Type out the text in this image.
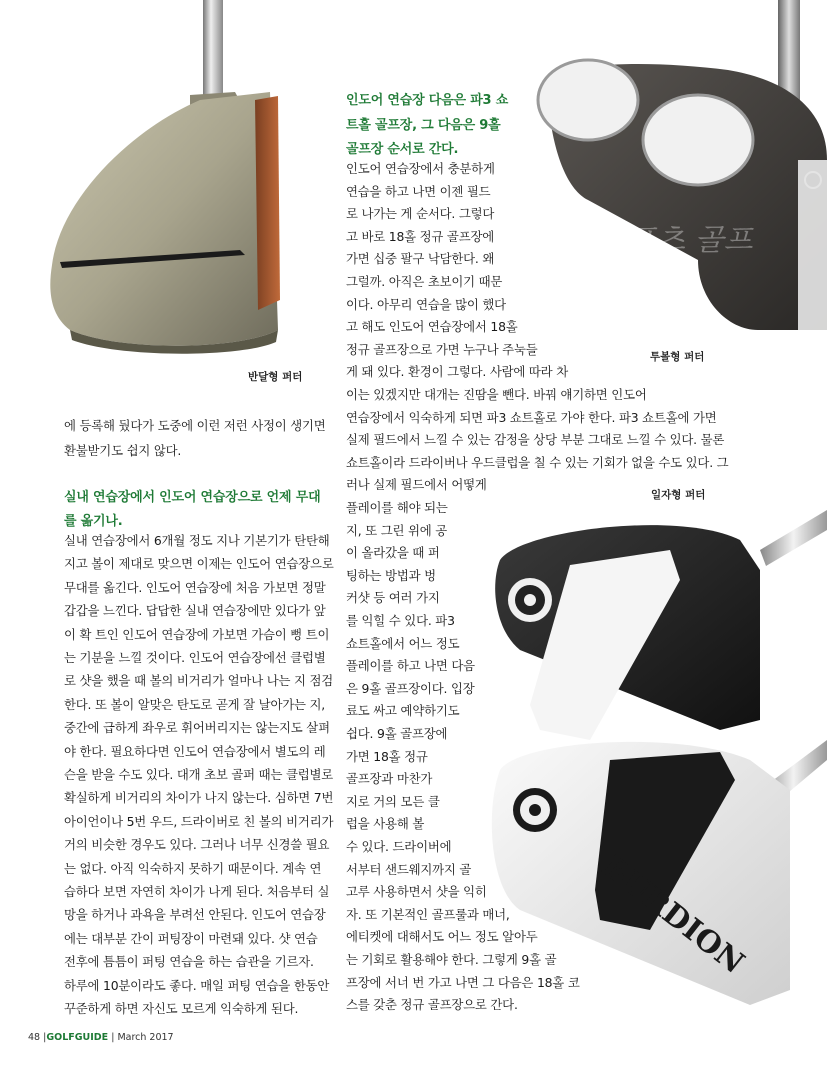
반달형 퍼터
스포츠 골프
투볼형 퍼터
일자형 퍼터
BURDION
에 등록해 뒀다가 도중에 이런 저런 사정이 생기면
환불받기도 쉽지 않다.
실내 연습장에서 인도어 연습장으로 언제 무대
를 옮기나.
실내 연습장에서 6개월 정도 지나 기본기가 탄탄해
지고 볼이 제대로 맞으면 이제는 인도어 연습장으로
무대를 옮긴다. 인도어 연습장에 처음 가보면 정말
갑갑을 느낀다. 답답한 실내 연습장에만 있다가 앞
이 확 트인 인도어 연습장에 가보면 가슴이 뻥 트이
는 기분을 느낄 것이다. 인도어 연습장에선 클럽별
로 샷을 했을 때 볼의 비거리가 얼마나 나는 지 점검
한다. 또 볼이 알맞은 탄도로 곧게 잘 날아가는 지,
중간에 급하게 좌우로 휘어버리지는 않는지도 살펴
야 한다. 필요하다면 인도어 연습장에서 별도의 레
슨을 받을 수도 있다. 대개 초보 골퍼 때는 클럽별로
확실하게 비거리의 차이가 나지 않는다. 심하면 7번
아이언이나 5번 우드, 드라이버로 친 볼의 비거리가
거의 비슷한 경우도 있다. 그러나 너무 신경쓸 필요
는 없다. 아직 익숙하지 못하기 때문이다. 계속 연
습하다 보면 자연히 차이가 나게 된다. 처음부터 실
망을 하거나 과욕을 부려선 안된다. 인도어 연습장
에는 대부분 간이 퍼팅장이 마련돼 있다. 샷 연습
전후에 틈틈이 퍼팅 연습을 하는 습관을 기르자.
하루에 10분이라도 좋다. 매일 퍼팅 연습을 한동안
꾸준하게 하면 자신도 모르게 익숙하게 된다.
인도어 연습장 다음은 파3 쇼
트홀 골프장, 그 다음은 9홀
골프장 순서로 간다.
인도어 연습장에서 충분하게
연습을 하고 나면 이젠 필드
로 나가는 게 순서다. 그렇다
고 바로 18홀 정규 골프장에
가면 십중 팔구 낙담한다. 왜
그럴까. 아직은 초보이기 때문
이다. 아무리 연습을 많이 했다
고 해도 인도어 연습장에서 18홀
정규 골프장으로 가면 누구나 주눅들
게 돼 있다. 환경이 그렇다. 사람에 따라 차
이는 있겠지만 대개는 진땀을 뺀다. 바꿔 얘기하면 인도어
연습장에서 익숙하게 되면 파3 쇼트홀로 가야 한다. 파3 쇼트홀에 가면
실제 필드에서 느낄 수 있는 감정을 상당 부분 그대로 느낄 수 있다. 물론
쇼트홀이라 드라이버나 우드클럽을 칠 수 있는 기회가 없을 수도 있다. 그
러나 실제 필드에서 어떻게
플레이를 해야 되는
지, 또 그린 위에 공
이 올라갔을 때 퍼
팅하는 방법과 벙
커샷 등 여러 가지
를 익힐 수 있다. 파3
쇼트홀에서 어느 정도
플레이를 하고 나면 다음
은 9홀 골프장이다. 입장
료도 싸고 예약하기도
쉽다. 9홀 골프장에
가면 18홀 정규
골프장과 마찬가
지로 거의 모든 클
럽을 사용해 볼
수 있다. 드라이버에
서부터 샌드웨지까지 골
고루 사용하면서 샷을 익히
자. 또 기본적인 골프룰과 매너,
에티켓에 대해서도 어느 정도 알아두
는 기회로 활용해야 한다. 그렇게 9홀 골
프장에 서너 번 가고 나면 그 다음은 18홀 코
스를 갖춘 정규 골프장으로 간다.
48 |GOLFGUIDE | March 2017
